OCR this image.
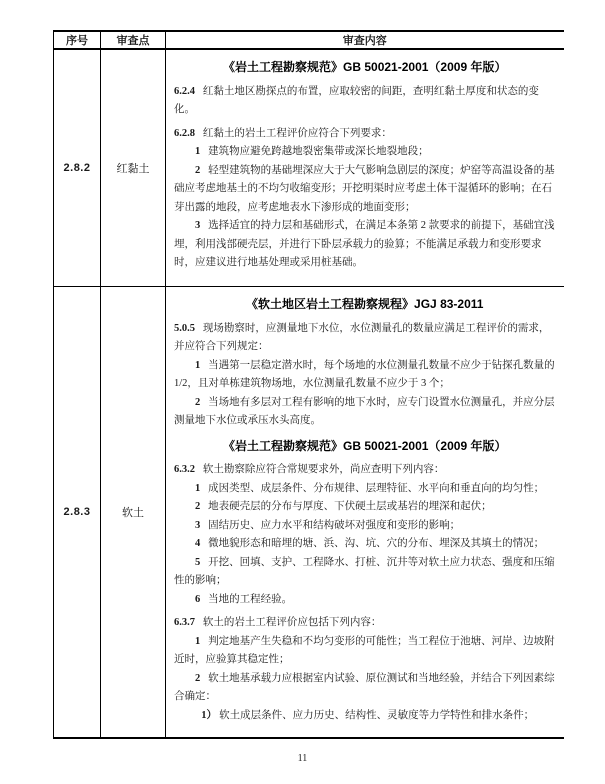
序号	审查点	审查内容
2.8.2	红黏土	

《岩土工程勘察规范》GB 50021-2001（2009 年版）

6.2.4 红黏土地区勘探点的布置，应取较密的间距，查明红黏土厚度和状态的变化。

6.2.8 红黏土的岩土工程评价应符合下列要求：

1 建筑物应避免跨越地裂密集带或深长地裂地段；

2 轻型建筑物的基础埋深应大于大气影响急剧层的深度；炉窑等高温设备的基础应考虑地基土的不均匀收缩变形；开挖明渠时应考虑土体干湿循环的影响；在石芽出露的地段，应考虑地表水下渗形成的地面变形；

3 选择适宜的持力层和基础形式，在满足本条第 2 款要求的前提下，基础宜浅埋，利用浅部硬壳层，并进行下卧层承载力的验算；不能满足承载力和变形要求时，应建议进行地基处理或采用桩基础。

2.8.3	软土	

《软土地区岩土工程勘察规程》JGJ 83-2011

5.0.5 现场勘察时，应测量地下水位，水位测量孔的数量应满足工程评价的需求，并应符合下列规定：

1 当遇第一层稳定潜水时，每个场地的水位测量孔数量不应少于钻探孔数量的 1/2，且对单栋建筑物场地，水位测量孔数量不应少于 3 个；

2 当场地有多层对工程有影响的地下水时，应专门设置水位测量孔，并应分层测量地下水位或承压水头高度。

《岩土工程勘察规范》GB 50021-2001（2009 年版）

6.3.2 软土勘察除应符合常规要求外，尚应查明下列内容：

1 成因类型、成层条件、分布规律、层理特征、水平向和垂直向的均匀性；

2 地表硬壳层的分布与厚度、下伏硬土层或基岩的埋深和起伏；

3 固结历史、应力水平和结构破坏对强度和变形的影响；

4 微地貌形态和暗埋的塘、浜、沟、坑、穴的分布、埋深及其填土的情况；

5 开挖、回填、支护、工程降水、打桩、沉井等对软土应力状态、强度和压缩性的影响；

6 当地的工程经验。

6.3.7 软土的岩土工程评价应包括下列内容：

1 判定地基产生失稳和不均匀变形的可能性；当工程位于池塘、河岸、边坡附近时，应验算其稳定性；

2 软土地基承载力应根据室内试验、原位测试和当地经验，并结合下列因素综合确定：

1） 软土成层条件、应力历史、结构性、灵敏度等力学特性和排水条件；

11
